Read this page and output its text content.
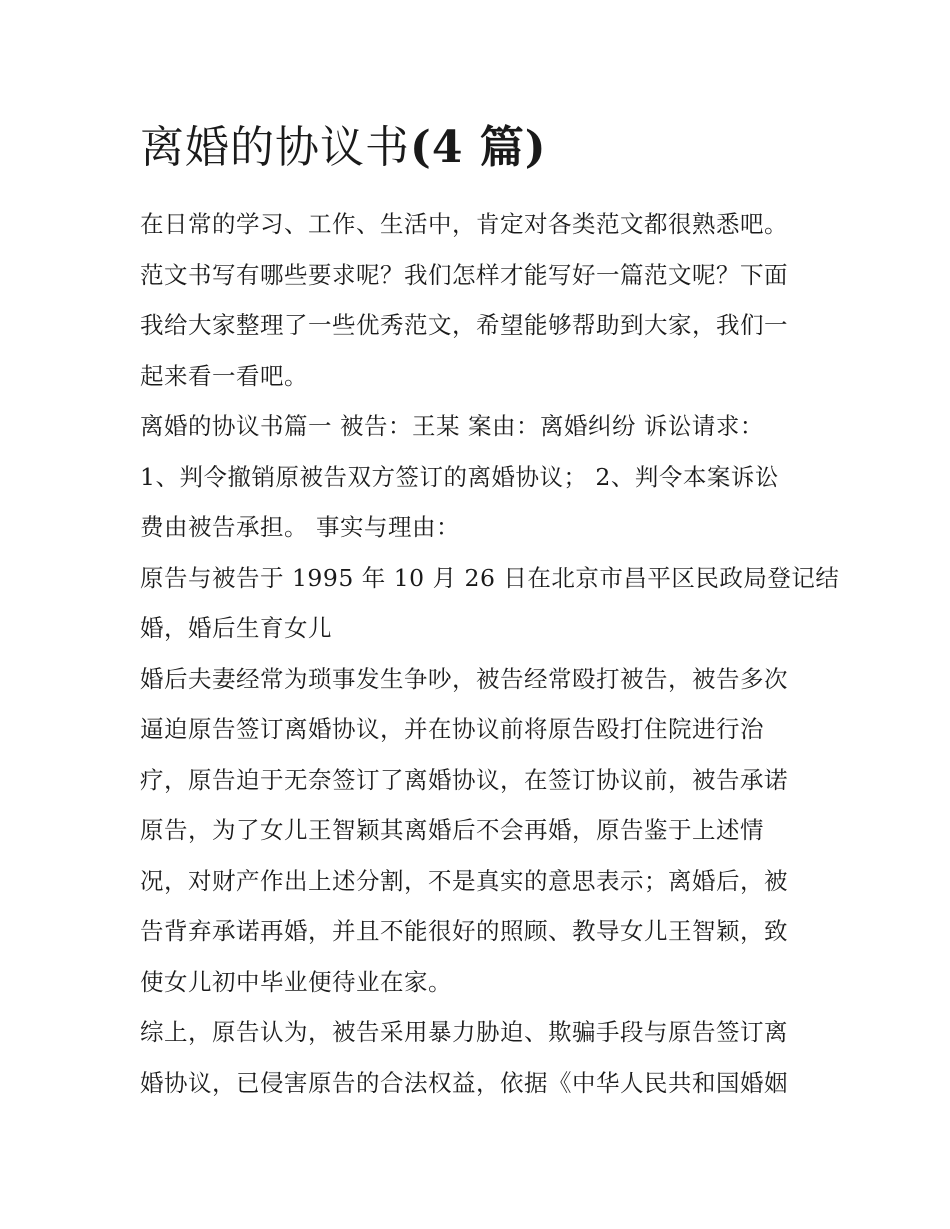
离婚的协议书(4 篇)

在日常的学习、工作、生活中，肯定对各类范文都很熟悉吧。
范文书写有哪些要求呢？我们怎样才能写好一篇范文呢？下面
我给大家整理了一些优秀范文，希望能够帮助到大家，我们一
起来看一看吧。

离婚的协议书篇一 被告：王某 案由：离婚纠纷 诉讼请求：

1、判令撤销原被告双方签订的离婚协议； 2、判令本案诉讼
费由被告承担。 事实与理由：

原告与被告于 1995 年 10 月 26 日在北京市昌平区民政局登记结
婚，婚后生育女儿

婚后夫妻经常为琐事发生争吵，被告经常殴打被告，被告多次
逼迫原告签订离婚协议，并在协议前将原告殴打住院进行治
疗，原告迫于无奈签订了离婚协议，在签订协议前，被告承诺
原告，为了女儿王智颖其离婚后不会再婚，原告鉴于上述情
况，对财产作出上述分割，不是真实的意思表示；离婚后，被
告背弃承诺再婚，并且不能很好的照顾、教导女儿王智颖，致
使女儿初中毕业便待业在家。

综上，原告认为，被告采用暴力胁迫、欺骗手段与原告签订离
婚协议，已侵害原告的合法权益，依据《中华人民共和国婚姻
